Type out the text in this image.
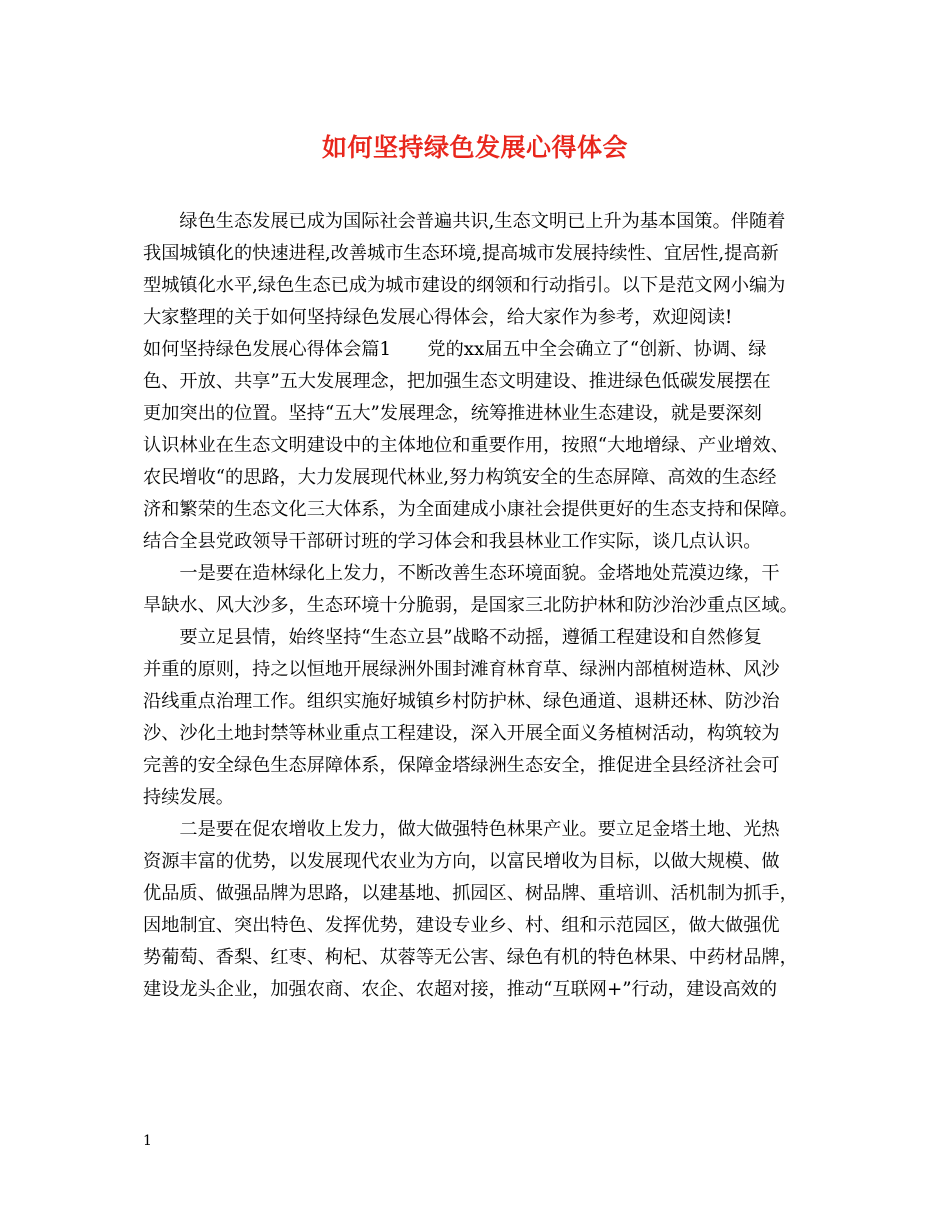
如何坚持绿色发展心得体会
　　绿色生态发展已成为国际社会普遍共识,生态文明已上升为基本国策。伴随着
我国城镇化的快速进程,改善城市生态环境,提高城市发展持续性、宜居性,提高新
型城镇化水平,绿色生态已成为城市建设的纲领和行动指引。以下是范文网小编为
大家整理的关于如何坚持绿色发展心得体会，给大家作为参考，欢迎阅读!
如何坚持绿色发展心得体会篇1　　党的xx届五中全会确立了“创新、协调、绿
色、开放、共享”五大发展理念，把加强生态文明建设、推进绿色低碳发展摆在
更加突出的位置。坚持“五大”发展理念，统筹推进林业生态建设，就是要深刻
认识林业在生态文明建设中的主体地位和重要作用，按照“大地增绿、产业增效、
农民增收“的思路，大力发展现代林业,努力构筑安全的生态屏障、高效的生态经
济和繁荣的生态文化三大体系，为全面建成小康社会提供更好的生态支持和保障。
结合全县党政领导干部研讨班的学习体会和我县林业工作实际，谈几点认识。
　　一是要在造林绿化上发力，不断改善生态环境面貌。金塔地处荒漠边缘，干
旱缺水、风大沙多，生态环境十分脆弱，是国家三北防护林和防沙治沙重点区域。
　　要立足县情，始终坚持“生态立县”战略不动摇，遵循工程建设和自然修复
并重的原则，持之以恒地开展绿洲外围封滩育林育草、绿洲内部植树造林、风沙
沿线重点治理工作。组织实施好城镇乡村防护林、绿色通道、退耕还林、防沙治
沙、沙化土地封禁等林业重点工程建设，深入开展全面义务植树活动，构筑较为
完善的安全绿色生态屏障体系，保障金塔绿洲生态安全，推促进全县经济社会可
持续发展。
　　二是要在促农增收上发力，做大做强特色林果产业。要立足金塔土地、光热
资源丰富的优势，以发展现代农业为方向，以富民增收为目标，以做大规模、做
优品质、做强品牌为思路，以建基地、抓园区、树品牌、重培训、活机制为抓手，
因地制宜、突出特色、发挥优势，建设专业乡、村、组和示范园区，做大做强优
势葡萄、香梨、红枣、枸杞、苁蓉等无公害、绿色有机的特色林果、中药材品牌，
建设龙头企业，加强农商、农企、农超对接，推动“互联网+”行动，建设高效的
1
